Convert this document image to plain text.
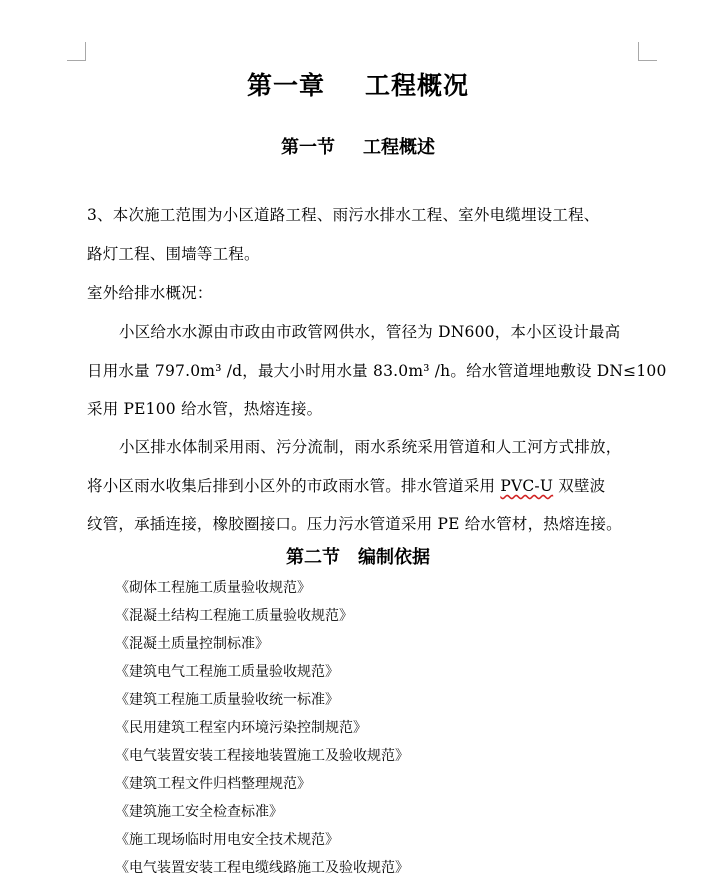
第一章 工程概况
第一节 工程概述
3、本次施工范围为小区道路工程、雨污水排水工程、室外电缆埋设工程、
路灯工程、围墙等工程。
室外给排水概况：
小区给水水源由市政由市政管网供水，管径为 DN600，本小区设计最高
日用水量 797.0m³ /d，最大小时用水量 83.0m³ /h。给水管道埋地敷设 DN≤100
采用 PE100 给水管，热熔连接。
小区排水体制采用雨、污分流制，雨水系统采用管道和人工河方式排放，
将小区雨水收集后排到小区外的市政雨水管。排水管道采用 PVC-U 双壁波
纹管，承插连接，橡胶圈接口。压力污水管道采用 PE 给水管材，热熔连接。
第二节 编制依据
《砌体工程施工质量验收规范》
《混凝土结构工程施工质量验收规范》
《混凝土质量控制标准》
《建筑电气工程施工质量验收规范》
《建筑工程施工质量验收统一标准》
《民用建筑工程室内环境污染控制规范》
《电气装置安装工程接地装置施工及验收规范》
《建筑工程文件归档整理规范》
《建筑施工安全检查标准》
《施工现场临时用电安全技术规范》
《电气装置安装工程电缆线路施工及验收规范》
